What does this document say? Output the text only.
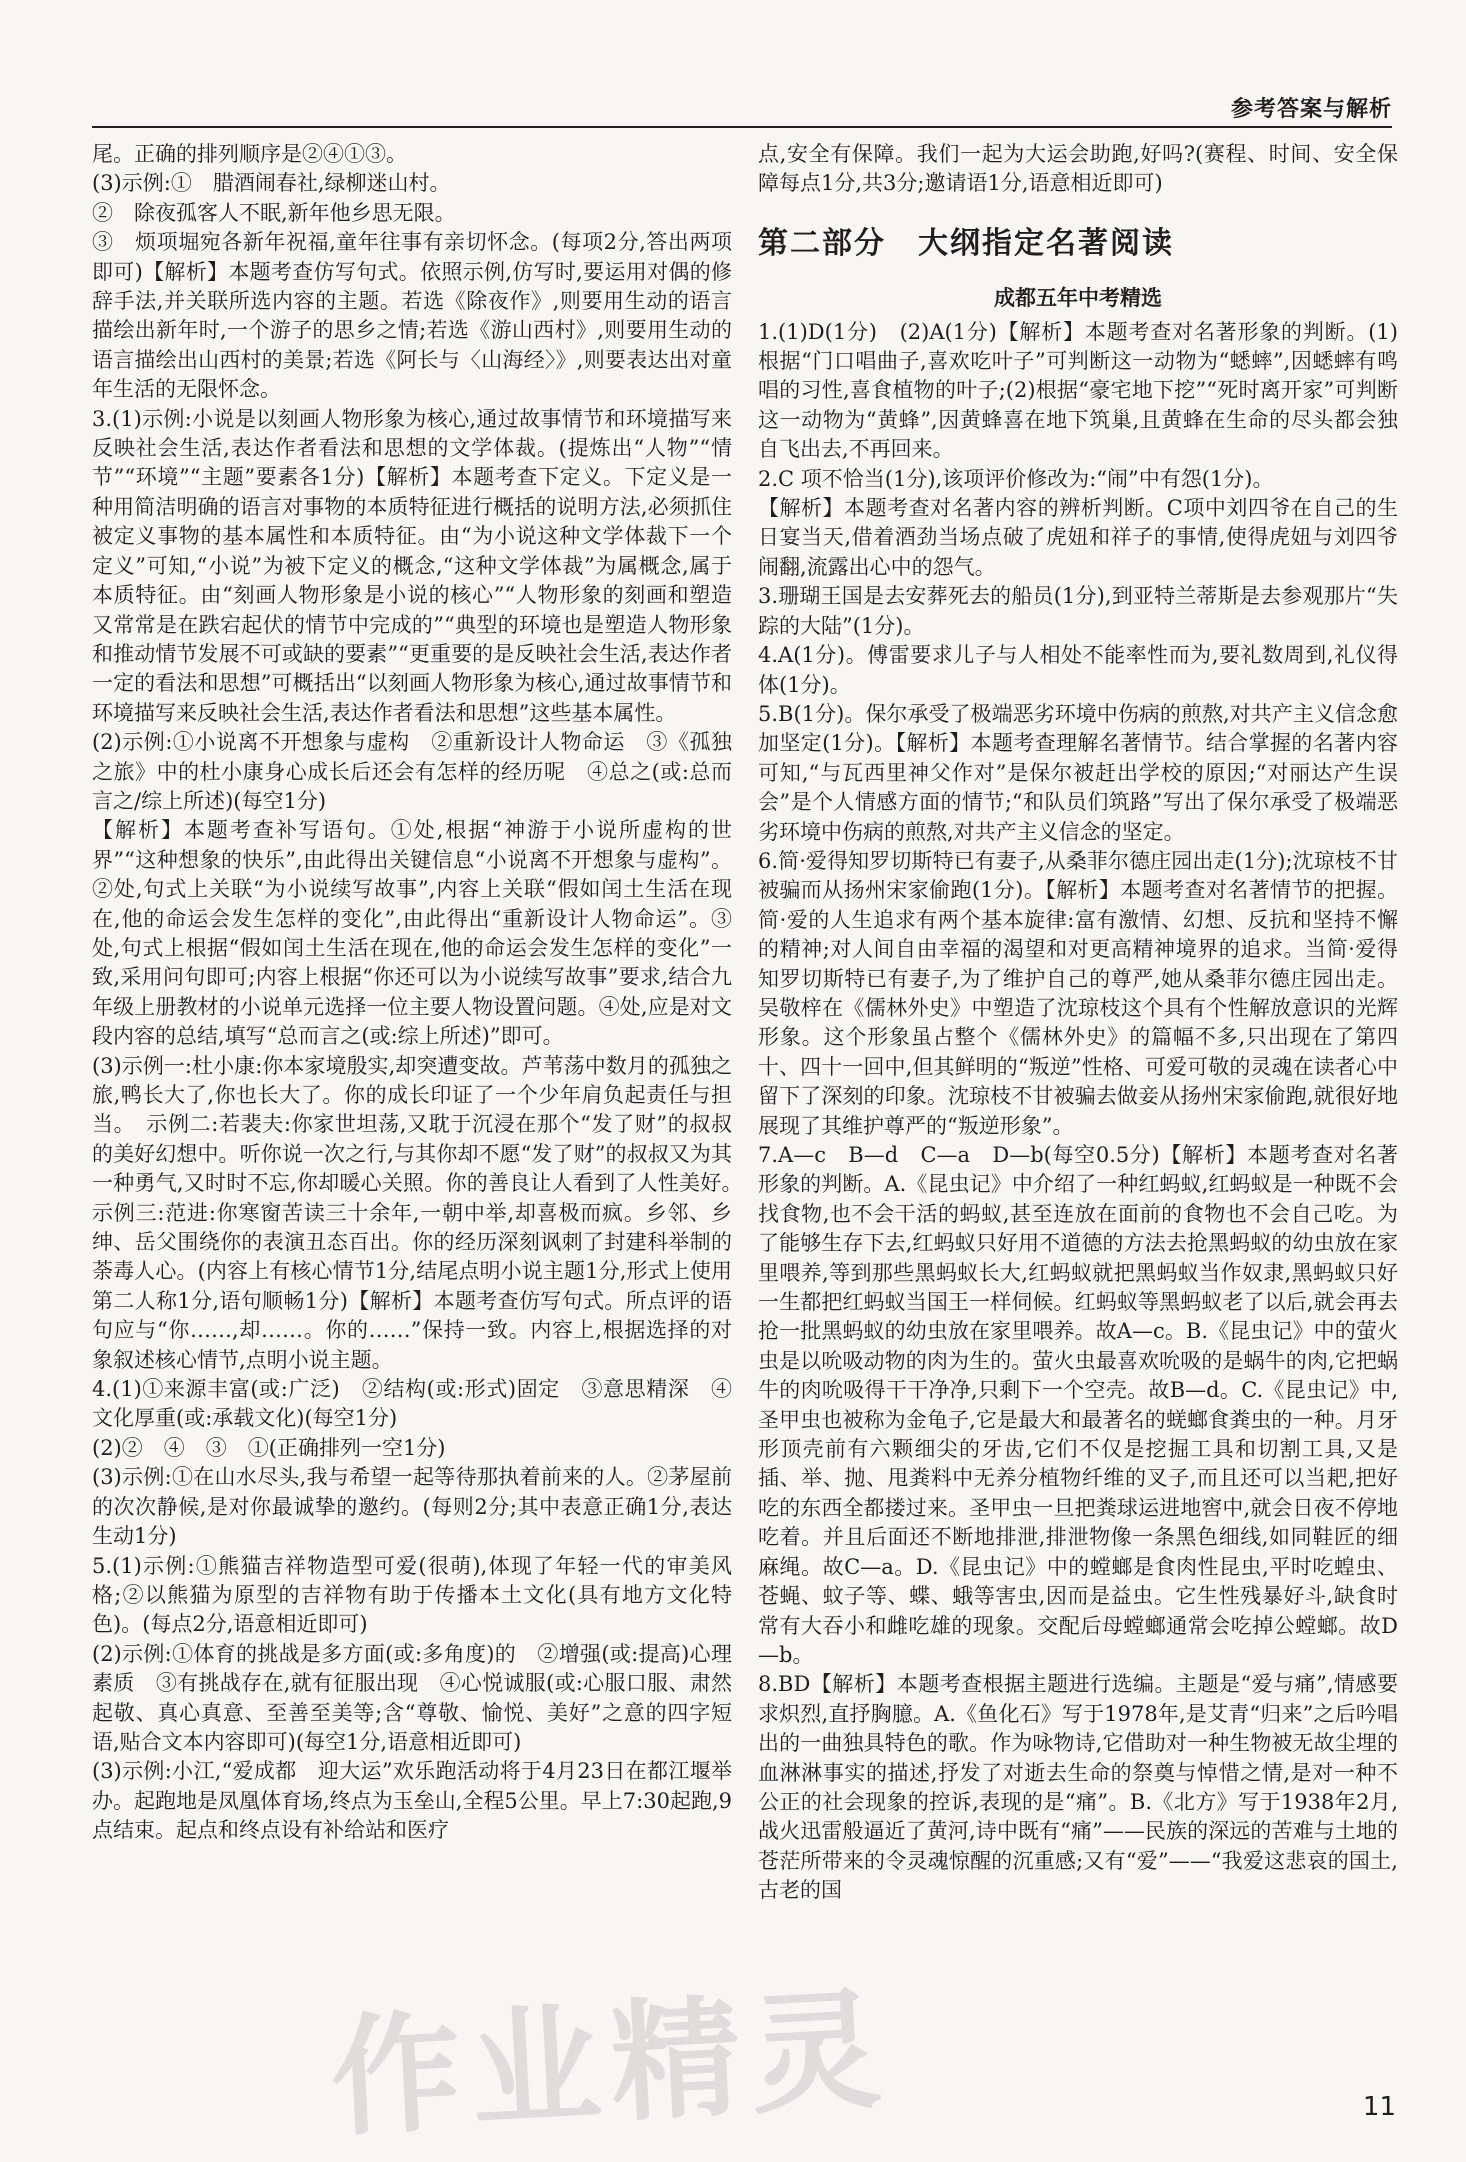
参考答案与解析

尾。正确的排列顺序是②④①③。

(3)示例:①　腊酒闹春社,绿柳迷山村。

②　除夜孤客人不眠,新年他乡思无限。

③　烦项堀宛各新年祝福,童年往事有亲切怀念。(每项2分,答出两项即可)【解析】本题考查仿写句式。依照示例,仿写时,要运用对偶的修辞手法,并关联所选内容的主题。若选《除夜作》,则要用生动的语言描绘出新年时,一个游子的思乡之情;若选《游山西村》,则要用生动的语言描绘出山西村的美景;若选《阿长与〈山海经〉》,则要表达出对童年生活的无限怀念。

3.(1)示例:小说是以刻画人物形象为核心,通过故事情节和环境描写来反映社会生活,表达作者看法和思想的文学体裁。(提炼出“人物”“情节”“环境”“主题”要素各1分)【解析】本题考查下定义。下定义是一种用简洁明确的语言对事物的本质特征进行概括的说明方法,必须抓住被定义事物的基本属性和本质特征。由“为小说这种文学体裁下一个定义”可知,“小说”为被下定义的概念,“这种文学体裁”为属概念,属于本质特征。由“刻画人物形象是小说的核心”“人物形象的刻画和塑造又常常是在跌宕起伏的情节中完成的”“典型的环境也是塑造人物形象和推动情节发展不可或缺的要素”“更重要的是反映社会生活,表达作者一定的看法和思想”可概括出“以刻画人物形象为核心,通过故事情节和环境描写来反映社会生活,表达作者看法和思想”这些基本属性。

(2)示例:①小说离不开想象与虚构　②重新设计人物命运　③《孤独之旅》中的杜小康身心成长后还会有怎样的经历呢　④总之(或:总而言之/综上所述)(每空1分)

【解析】本题考查补写语句。①处,根据“神游于小说所虚构的世界”“这种想象的快乐”,由此得出关键信息“小说离不开想象与虚构”。②处,句式上关联“为小说续写故事”,内容上关联“假如闰土生活在现在,他的命运会发生怎样的变化”,由此得出“重新设计人物命运”。③处,句式上根据“假如闰土生活在现在,他的命运会发生怎样的变化”一致,采用问句即可;内容上根据“你还可以为小说续写故事”要求,结合九年级上册教材的小说单元选择一位主要人物设置问题。④处,应是对文段内容的总结,填写“总而言之(或:综上所述)”即可。

(3)示例一:杜小康:你本家境殷实,却突遭变故。芦苇荡中数月的孤独之旅,鸭长大了,你也长大了。你的成长印证了一个少年肩负起责任与担当。　示例二:若裴夫:你家世坦荡,又耽于沉浸在那个“发了财”的叔叔的美好幻想中。听你说一次之行,与其你却不愿“发了财”的叔叔又为其一种勇气,又时时不忘,你却暖心关照。你的善良让人看到了人性美好。　示例三:范进:你寒窗苦读三十余年,一朝中举,却喜极而疯。乡邻、乡绅、岳父围绕你的表演丑态百出。你的经历深刻讽刺了封建科举制的荼毒人心。(内容上有核心情节1分,结尾点明小说主题1分,形式上使用第二人称1分,语句顺畅1分)【解析】本题考查仿写句式。所点评的语句应与“你……,却……。你的……”保持一致。内容上,根据选择的对象叙述核心情节,点明小说主题。

4.(1)①来源丰富(或:广泛)　②结构(或:形式)固定　③意思精深　④文化厚重(或:承载文化)(每空1分)

(2)②　④　③　①(正确排列一空1分)

(3)示例:①在山水尽头,我与希望一起等待那执着前来的人。②茅屋前的次次静候,是对你最诚挚的邀约。(每则2分;其中表意正确1分,表达生动1分)

5.(1)示例:①熊猫吉祥物造型可爱(很萌),体现了年轻一代的审美风格;②以熊猫为原型的吉祥物有助于传播本土文化(具有地方文化特色)。(每点2分,语意相近即可)

(2)示例:①体育的挑战是多方面(或:多角度)的　②增强(或:提高)心理素质　③有挑战存在,就有征服出现　④心悦诚服(或:心服口服、肃然起敬、真心真意、至善至美等;含“尊敬、愉悦、美好”之意的四字短语,贴合文本内容即可)(每空1分,语意相近即可)

(3)示例:小江,“爱成都　迎大运”欢乐跑活动将于4月23日在都江堰举办。起跑地是凤凰体育场,终点为玉垒山,全程5公里。早上7:30起跑,9点结束。起点和终点设有补给站和医疗

点,安全有保障。我们一起为大运会助跑,好吗?(赛程、时间、安全保障每点1分,共3分;邀请语1分,语意相近即可)

第二部分　大纲指定名著阅读
成都五年中考精选

1.(1)D(1分)　(2)A(1分)【解析】本题考查对名著形象的判断。(1)根据“门口唱曲子,喜欢吃叶子”可判断这一动物为“蟋蟀”,因蟋蟀有鸣唱的习性,喜食植物的叶子;(2)根据“豪宅地下挖”“死时离开家”可判断这一动物为“黄蜂”,因黄蜂喜在地下筑巢,且黄蜂在生命的尽头都会独自飞出去,不再回来。

2.C 项不恰当(1分),该项评价修改为:“闹”中有怨(1分)。

【解析】本题考查对名著内容的辨析判断。C项中刘四爷在自己的生日宴当天,借着酒劲当场点破了虎妞和祥子的事情,使得虎妞与刘四爷闹翻,流露出心中的怨气。

3.珊瑚王国是去安葬死去的船员(1分),到亚特兰蒂斯是去参观那片“失踪的大陆”(1分)。

4.A(1分)。傅雷要求儿子与人相处不能率性而为,要礼数周到,礼仪得体(1分)。

5.B(1分)。保尔承受了极端恶劣环境中伤病的煎熬,对共产主义信念愈加坚定(1分)。【解析】本题考查理解名著情节。结合掌握的名著内容可知,“与瓦西里神父作对”是保尔被赶出学校的原因;“对丽达产生误会”是个人情感方面的情节;“和队员们筑路”写出了保尔承受了极端恶劣环境中伤病的煎熬,对共产主义信念的坚定。

6.简·爱得知罗切斯特已有妻子,从桑菲尔德庄园出走(1分);沈琼枝不甘被骗而从扬州宋家偷跑(1分)。【解析】本题考查对名著情节的把握。简·爱的人生追求有两个基本旋律:富有激情、幻想、反抗和坚持不懈的精神;对人间自由幸福的渴望和对更高精神境界的追求。当简·爱得知罗切斯特已有妻子,为了维护自己的尊严,她从桑菲尔德庄园出走。吴敬梓在《儒林外史》中塑造了沈琼枝这个具有个性解放意识的光辉形象。这个形象虽占整个《儒林外史》的篇幅不多,只出现在了第四十、四十一回中,但其鲜明的“叛逆”性格、可爱可敬的灵魂在读者心中留下了深刻的印象。沈琼枝不甘被骗去做妾从扬州宋家偷跑,就很好地展现了其维护尊严的“叛逆形象”。

7.A—c　B—d　C—a　D—b(每空0.5分)【解析】本题考查对名著形象的判断。A.《昆虫记》中介绍了一种红蚂蚁,红蚂蚁是一种既不会找食物,也不会干活的蚂蚁,甚至连放在面前的食物也不会自己吃。为了能够生存下去,红蚂蚁只好用不道德的方法去抢黑蚂蚁的幼虫放在家里喂养,等到那些黑蚂蚁长大,红蚂蚁就把黑蚂蚁当作奴隶,黑蚂蚁只好一生都把红蚂蚁当国王一样伺候。红蚂蚁等黑蚂蚁老了以后,就会再去抢一批黑蚂蚁的幼虫放在家里喂养。故A—c。B.《昆虫记》中的萤火虫是以吮吸动物的肉为生的。萤火虫最喜欢吮吸的是蜗牛的肉,它把蜗牛的肉吮吸得干干净净,只剩下一个空壳。故B—d。C.《昆虫记》中,圣甲虫也被称为金龟子,它是最大和最著名的蜣螂食粪虫的一种。月牙形顶壳前有六颗细尖的牙齿,它们不仅是挖掘工具和切割工具,又是插、举、抛、甩粪料中无养分植物纤维的叉子,而且还可以当耙,把好吃的东西全都搂过来。圣甲虫一旦把粪球运进地窖中,就会日夜不停地吃着。并且后面还不断地排泄,排泄物像一条黑色细线,如同鞋匠的细麻绳。故C—a。D.《昆虫记》中的螳螂是食肉性昆虫,平时吃蝗虫、苍蝇、蚊子等、蝶、蛾等害虫,因而是益虫。它生性残暴好斗,缺食时常有大吞小和雌吃雄的现象。交配后母螳螂通常会吃掉公螳螂。故D—b。

8.BD【解析】本题考查根据主题进行选编。主题是“爱与痛”,情感要求炽烈,直抒胸臆。A.《鱼化石》写于1978年,是艾青“归来”之后吟唱出的一曲独具特色的歌。作为咏物诗,它借助对一种生物被无故尘埋的血淋淋事实的描述,抒发了对逝去生命的祭奠与悼惜之情,是对一种不公正的社会现象的控诉,表现的是“痛”。B.《北方》写于1938年2月,战火迅雷般逼近了黄河,诗中既有“痛”——民族的深远的苦难与土地的苍茫所带来的令灵魂惊醒的沉重感;又有“爱”——“我爱这悲哀的国土,古老的国

作业精灵	11
